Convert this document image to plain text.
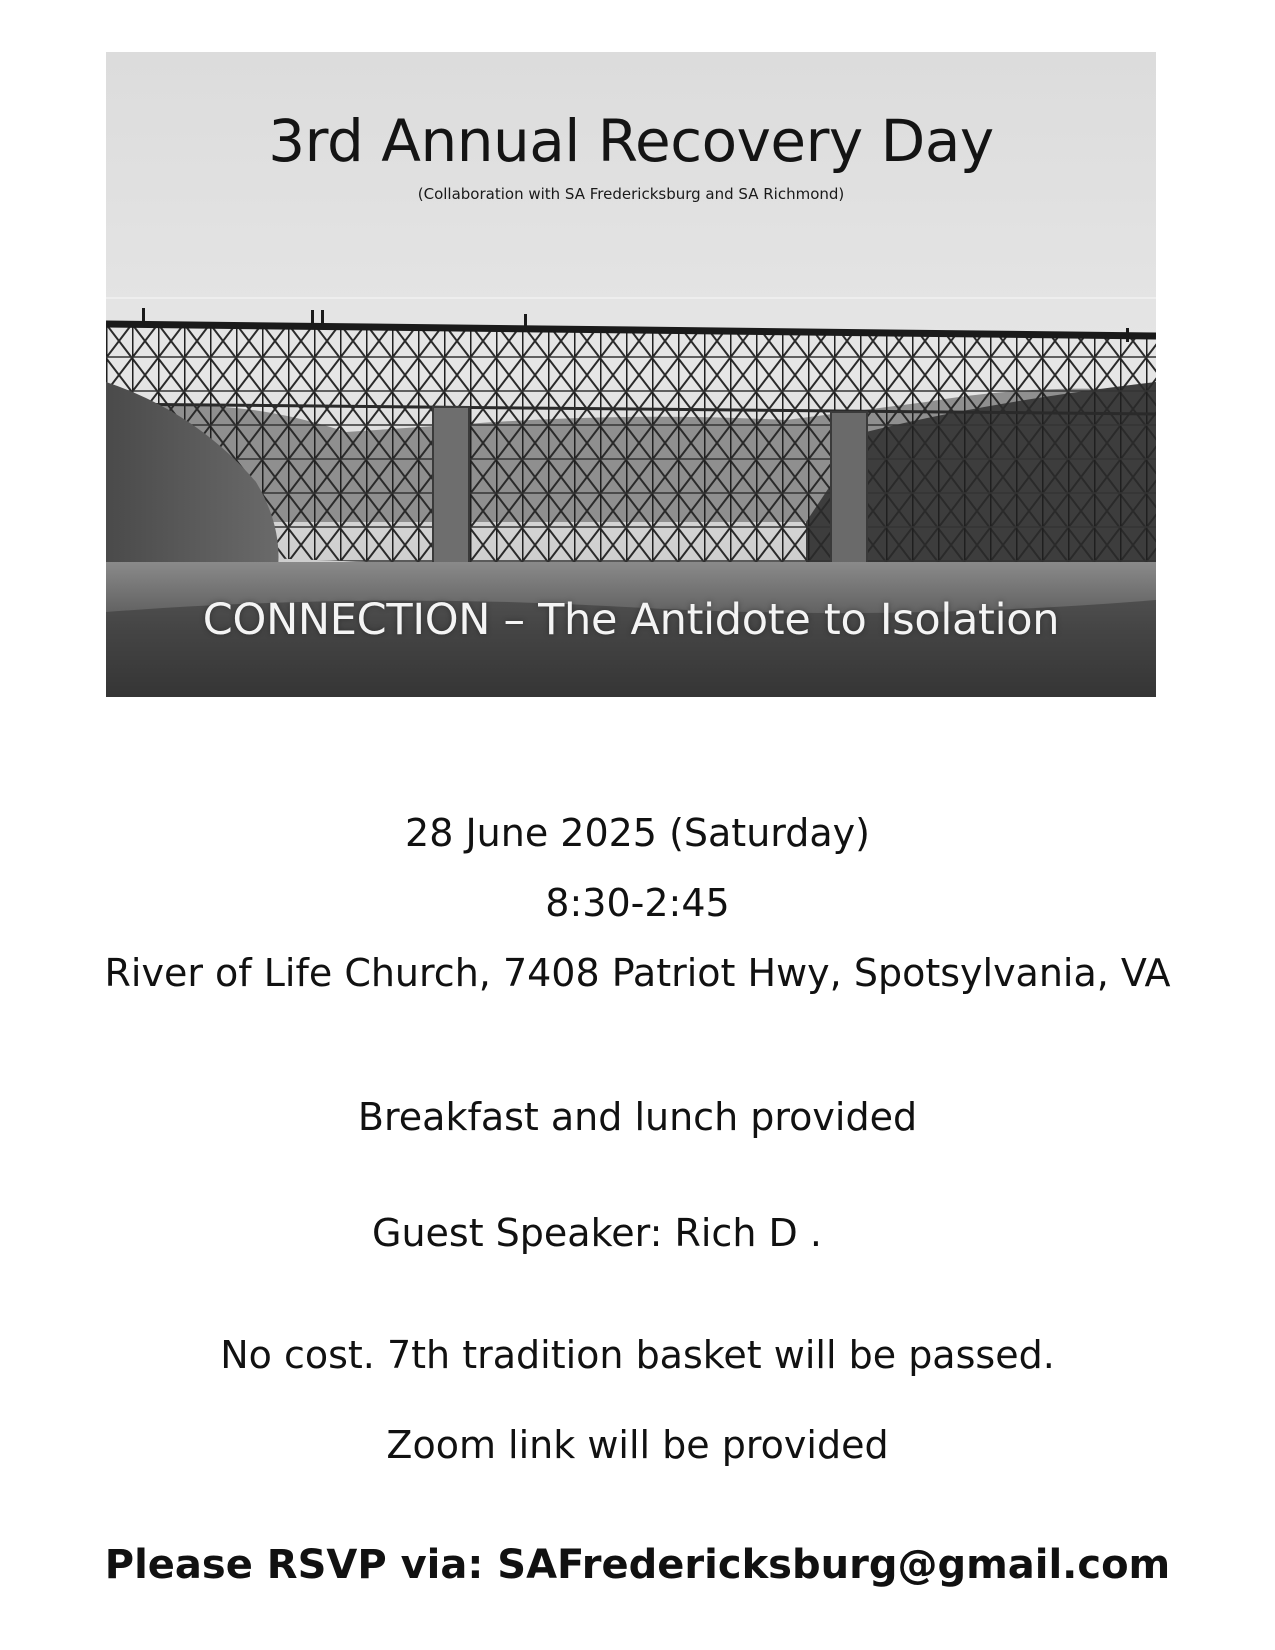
3rd Annual Recovery Day
(Collaboration with SA Fredericksburg and SA Richmond)
CONNECTION – The Antidote to Isolation
28 June 2025 (Saturday)
8:30-2:45
River of Life Church, 7408 Patriot Hwy, Spotsylvania, VA
Breakfast and lunch provided
Guest Speaker: Rich D .
No cost. 7th tradition basket will be passed.
Zoom link will be provided
Please RSVP via: SAFredericksburg@gmail.com
